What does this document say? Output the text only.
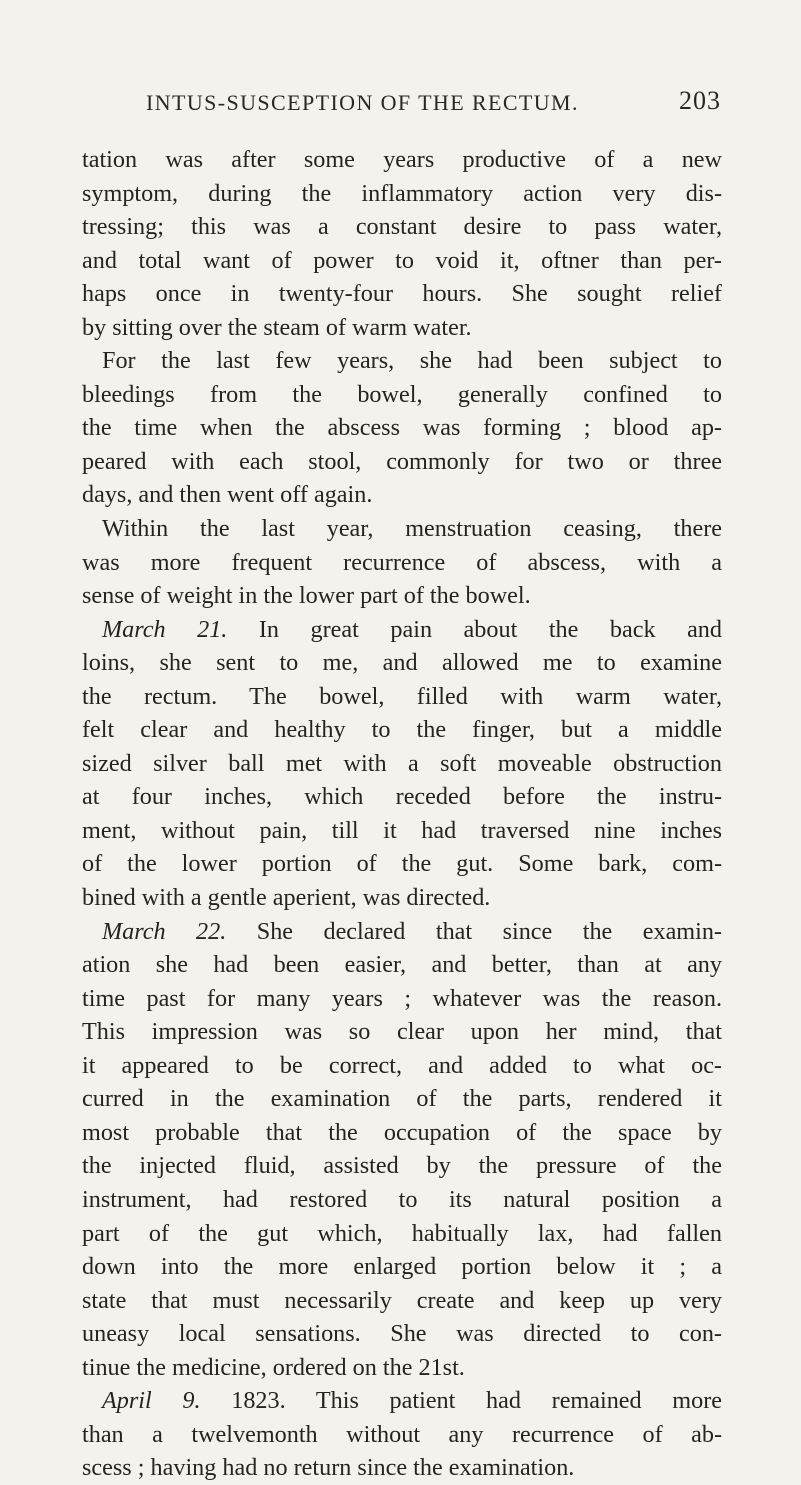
INTUS-SUSCEPTION OF THE RECTUM.	203
tation was after some years productive of a new
symptom, during the inflammatory action very dis-
tressing; this was a constant desire to pass water,
and total want of power to void it, oftner than per-
haps once in twenty-four hours. She sought relief
by sitting over the steam of warm water.
For the last few years, she had been subject to
bleedings from the bowel, generally confined to
the time when the abscess was forming ; blood ap-
peared with each stool, commonly for two or three
days, and then went off again.
Within the last year, menstruation ceasing, there
was more frequent recurrence of abscess, with a
sense of weight in the lower part of the bowel.
March 21. In great pain about the back and
loins, she sent to me, and allowed me to examine
the rectum. The bowel, filled with warm water,
felt clear and healthy to the finger, but a middle
sized silver ball met with a soft moveable obstruction
at four inches, which receded before the instru-
ment, without pain, till it had traversed nine inches
of the lower portion of the gut. Some bark, com-
bined with a gentle aperient, was directed.
March 22. She declared that since the examin-
ation she had been easier, and better, than at any
time past for many years ; whatever was the reason.
This impression was so clear upon her mind, that
it appeared to be correct, and added to what oc-
curred in the examination of the parts, rendered it
most probable that the occupation of the space by
the injected fluid, assisted by the pressure of the
instrument, had restored to its natural position a
part of the gut which, habitually lax, had fallen
down into the more enlarged portion below it ; a
state that must necessarily create and keep up very
uneasy local sensations. She was directed to con-
tinue the medicine, ordered on the 21st.
April 9. 1823. This patient had remained more
than a twelvemonth without any recurrence of ab-
scess ; having had no return since the examination.
